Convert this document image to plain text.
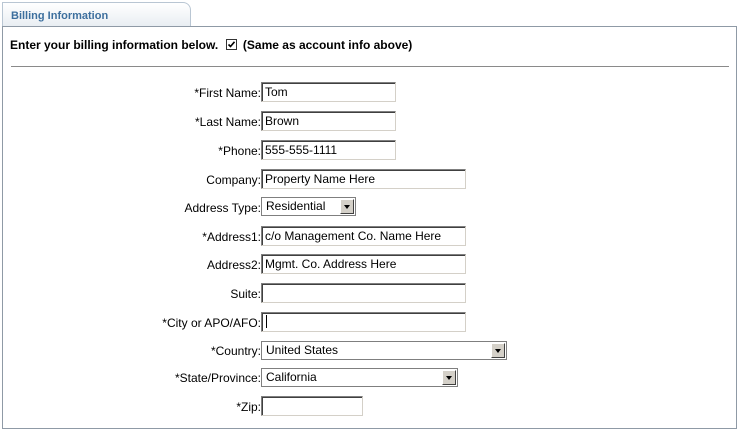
Billing Information
Enter your billing information below. (Same as account info above)
*First Name: Tom
*Last Name: Brown
*Phone: 555-555-1111
Company: Property Name Here
Address Type: Residential
*Address1: c/o Management Co. Name Here
Address2: Mgmt. Co. Address Here
Suite:
*City or APO/AFO:
*Country: United States
*State/Province: California
*Zip:
